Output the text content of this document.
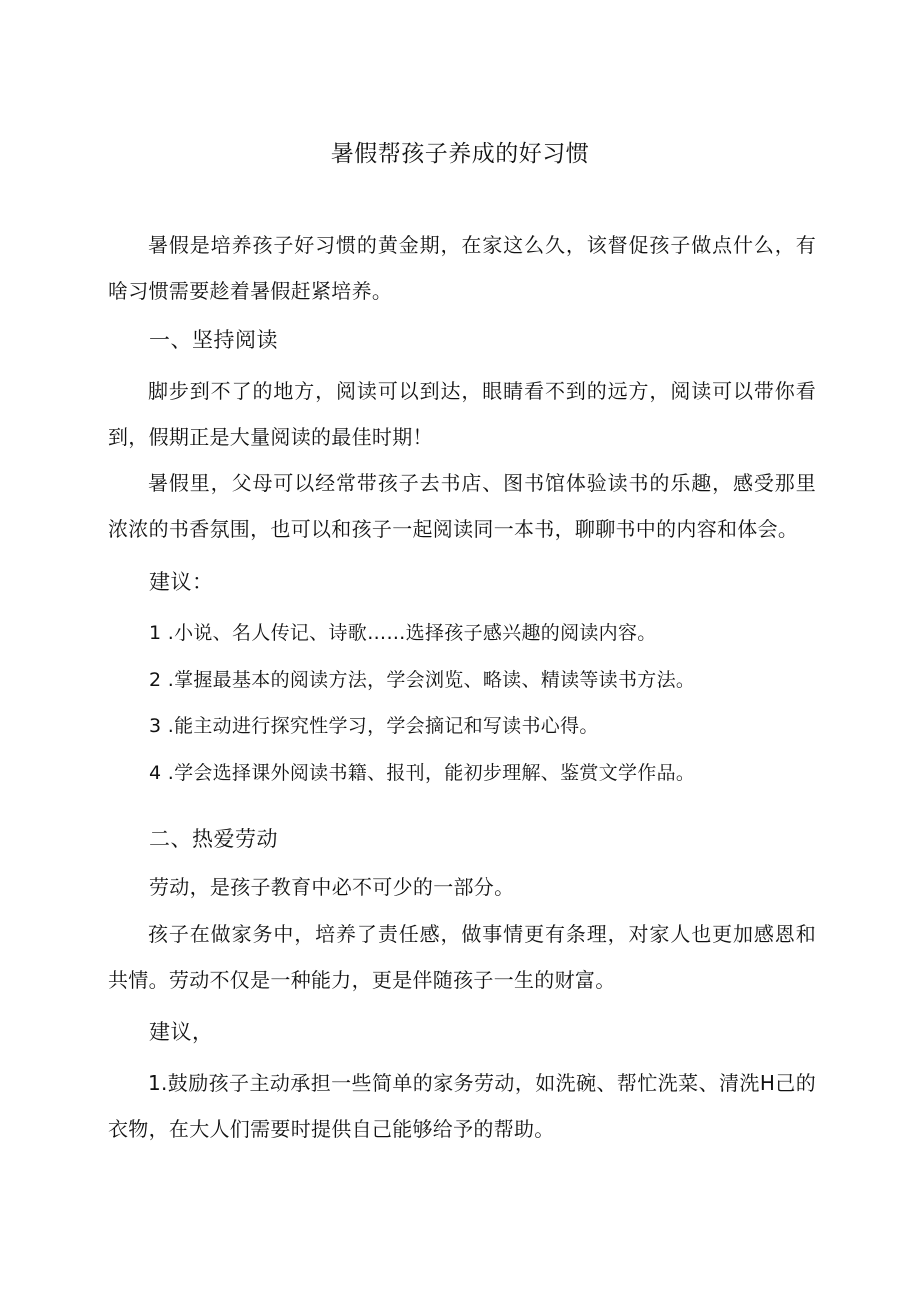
暑假帮孩子养成的好习惯
暑假是培养孩子好习惯的黄金期，在家这么久，该督促孩子做点什么，有啥习惯需要趁着暑假赶紧培养。
一、坚持阅读
脚步到不了的地方，阅读可以到达，眼睛看不到的远方，阅读可以带你看到，假期正是大量阅读的最佳时期！
暑假里，父母可以经常带孩子去书店、图书馆体验读书的乐趣，感受那里浓浓的书香氛围，也可以和孩子一起阅读同一本书，聊聊书中的内容和体会。
建议：
1 .小说、名人传记、诗歌……选择孩子感兴趣的阅读内容。
2 .掌握最基本的阅读方法，学会浏览、略读、精读等读书方法。
3 .能主动进行探究性学习，学会摘记和写读书心得。
4 .学会选择课外阅读书籍、报刊，能初步理解、鉴赏文学作品。
二、热爱劳动
劳动，是孩子教育中必不可少的一部分。
孩子在做家务中，培养了责任感，做事情更有条理，对家人也更加感恩和共情。劳动不仅是一种能力，更是伴随孩子一生的财富。
建议，
1.鼓励孩子主动承担一些简单的家务劳动，如洗碗、帮忙洗菜、清洗H己的衣物，在大人们需要时提供自己能够给予的帮助。
